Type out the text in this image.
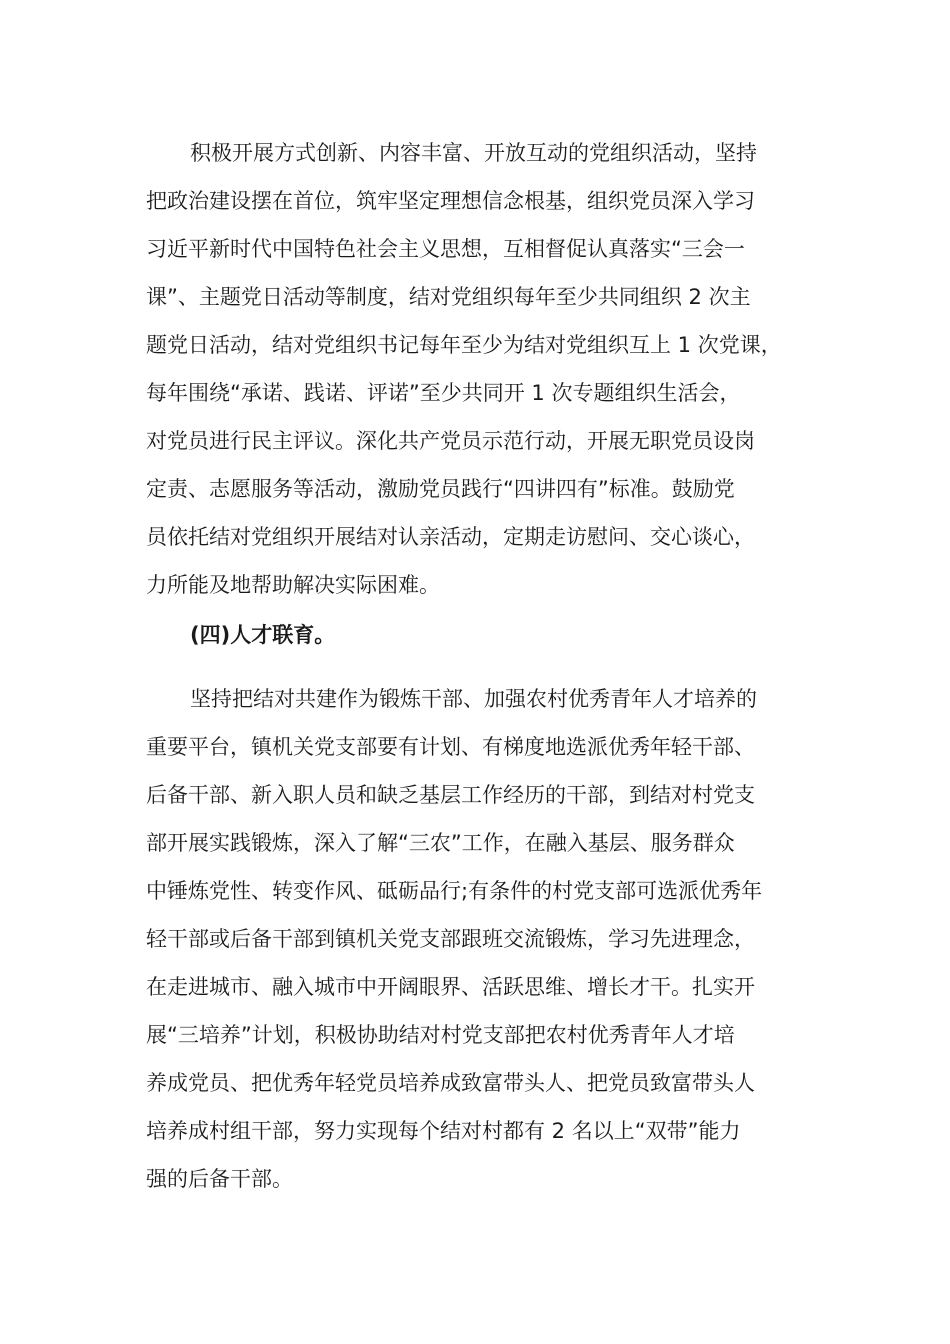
积极开展方式创新、内容丰富、开放互动的党组织活动，坚持
把政治建设摆在首位，筑牢坚定理想信念根基，组织党员深入学习
习近平新时代中国特色社会主义思想，互相督促认真落实“三会一
课”、主题党日活动等制度，结对党组织每年至少共同组织 2 次主
题党日活动，结对党组织书记每年至少为结对党组织互上 1 次党课，
每年围绕“承诺、践诺、评诺”至少共同开 1 次专题组织生活会，
对党员进行民主评议。深化共产党员示范行动，开展无职党员设岗
定责、志愿服务等活动，激励党员践行“四讲四有”标准。鼓励党
员依托结对党组织开展结对认亲活动，定期走访慰问、交心谈心，
力所能及地帮助解决实际困难。
(四)人才联育。
坚持把结对共建作为锻炼干部、加强农村优秀青年人才培养的
重要平台，镇机关党支部要有计划、有梯度地选派优秀年轻干部、
后备干部、新入职人员和缺乏基层工作经历的干部，到结对村党支
部开展实践锻炼，深入了解“三农”工作，在融入基层、服务群众
中锤炼党性、转变作风、砥砺品行;有条件的村党支部可选派优秀年
轻干部或后备干部到镇机关党支部跟班交流锻炼，学习先进理念，
在走进城市、融入城市中开阔眼界、活跃思维、增长才干。扎实开
展“三培养”计划，积极协助结对村党支部把农村优秀青年人才培
养成党员、把优秀年轻党员培养成致富带头人、把党员致富带头人
培养成村组干部，努力实现每个结对村都有 2 名以上“双带”能力
强的后备干部。
